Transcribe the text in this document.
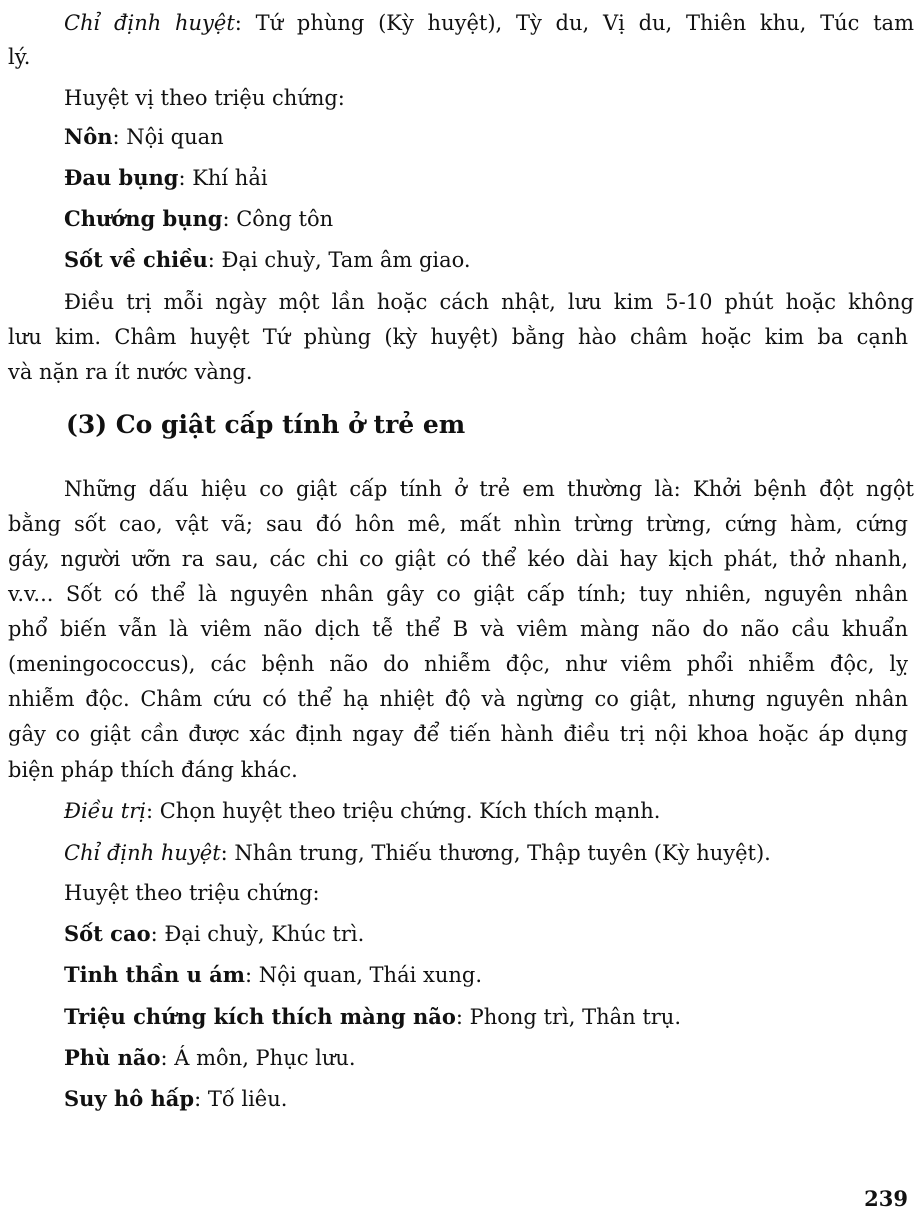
Chỉ định huyệt: Tứ phùng (Kỳ huyệt), Tỳ du, Vị du, Thiên khu, Túc tam
lý.
Huyệt vị theo triệu chứng:
Nôn: Nội quan
Đau bụng: Khí hải
Chướng bụng: Công tôn
Sốt về chiều: Đại chuỳ, Tam âm giao.
Điều trị mỗi ngày một lần hoặc cách nhật, lưu kim 5-10 phút hoặc không
lưu kim. Châm huyệt Tứ phùng (kỳ huyệt) bằng hào châm hoặc kim ba cạnh
và nặn ra ít nước vàng.
(3) Co giật cấp tính ở trẻ em
Những dấu hiệu co giật cấp tính ở trẻ em thường là: Khởi bệnh đột ngột
bằng sốt cao, vật vã; sau đó hôn mê, mất nhìn trừng trừng, cứng hàm, cứng
gáy, người ưỡn ra sau, các chi co giật có thể kéo dài hay kịch phát, thở nhanh,
v.v... Sốt có thể là nguyên nhân gây co giật cấp tính; tuy nhiên, nguyên nhân
phổ biến vẫn là viêm não dịch tễ thể B và viêm màng não do não cầu khuẩn
(meningococcus), các bệnh não do nhiễm độc, như viêm phổi nhiễm độc, lỵ
nhiễm độc. Châm cứu có thể hạ nhiệt độ và ngừng co giật, nhưng nguyên nhân
gây co giật cần được xác định ngay để tiến hành điều trị nội khoa hoặc áp dụng
biện pháp thích đáng khác.
Điều trị: Chọn huyệt theo triệu chứng. Kích thích mạnh.
Chỉ định huyệt: Nhân trung, Thiếu thương, Thập tuyên (Kỳ huyệt).
Huyệt theo triệu chứng:
Sốt cao: Đại chuỳ, Khúc trì.
Tinh thần u ám: Nội quan, Thái xung.
Triệu chứng kích thích màng não: Phong trì, Thân trụ.
Phù não: Á môn, Phục lưu.
Suy hô hấp: Tố liêu.
239
